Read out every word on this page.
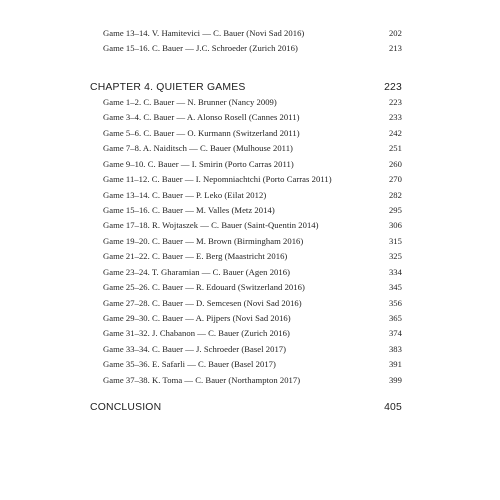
Game 13–14. V. Hamitevici — C. Bauer (Novi Sad 2016)	202
Game 15–16. C. Bauer — J.C. Schroeder (Zurich 2016)	213
CHAPTER 4. QUIETER GAMES	223
Game 1–2. C. Bauer — N. Brunner (Nancy 2009)	223
Game 3–4. C. Bauer — A. Alonso Rosell (Cannes 2011)	233
Game 5–6. C. Bauer — O. Kurmann (Switzerland 2011)	242
Game 7–8. A. Naiditsch — C. Bauer (Mulhouse 2011)	251
Game 9–10. C. Bauer — I. Smirin (Porto Carras 2011)	260
Game 11–12. C. Bauer — I. Nepomniachtchi (Porto Carras 2011)	270
Game 13–14. C. Bauer — P. Leko (Eilat 2012)	282
Game 15–16. C. Bauer — M. Valles (Metz 2014)	295
Game 17–18. R. Wojtaszek — C. Bauer (Saint-Quentin 2014)	306
Game 19–20. C. Bauer — M. Brown (Birmingham 2016)	315
Game 21–22. C. Bauer — E. Berg (Maastricht 2016)	325
Game 23–24. T. Gharamian — C. Bauer (Agen 2016)	334
Game 25–26. C. Bauer — R. Edouard (Switzerland 2016)	345
Game 27–28. C. Bauer — D. Semcesen (Novi Sad 2016)	356
Game 29–30. C. Bauer — A. Pijpers (Novi Sad 2016)	365
Game 31–32. J. Chabanon — C. Bauer (Zurich 2016)	374
Game 33–34. C. Bauer — J. Schroeder (Basel 2017)	383
Game 35–36. E. Safarli — C. Bauer (Basel 2017)	391
Game 37–38. K. Toma — C. Bauer (Northampton 2017)	399
CONCLUSION	405
